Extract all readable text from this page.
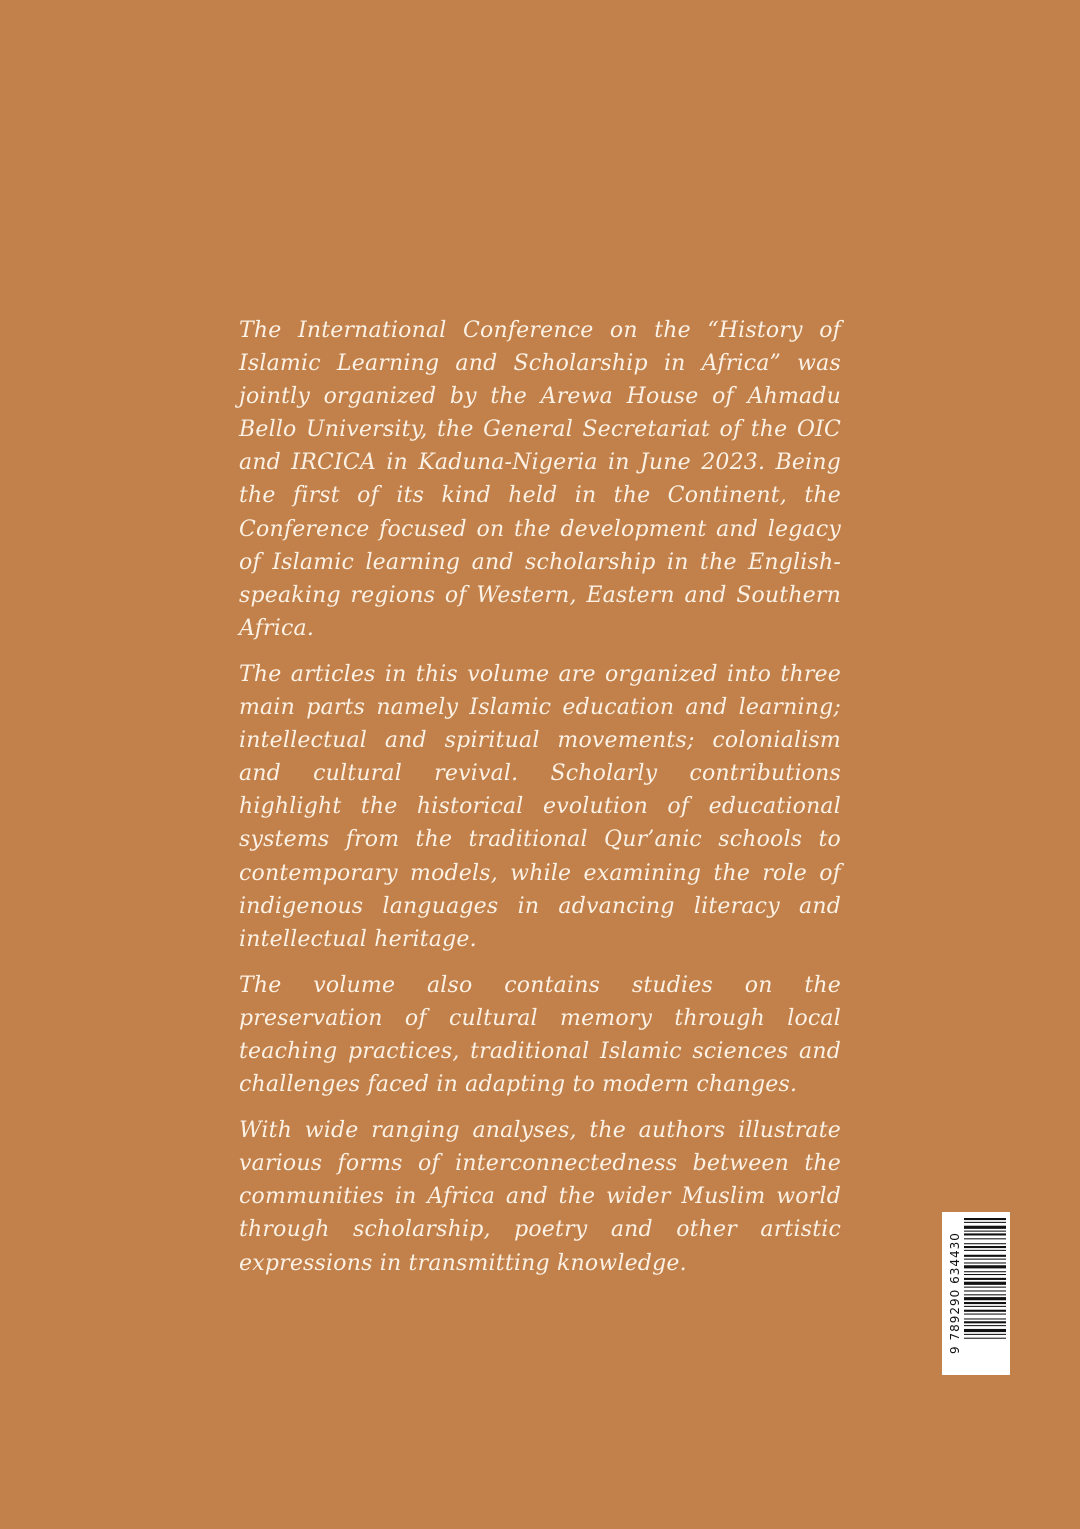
The International Conference on the “History of Islamic Learning and Scholarship in Africa” was jointly organized by the Arewa House of Ahmadu Bello University, the General Secretariat of the OIC and IRCICA in Kaduna-Nigeria in June 2023. Being the first of its kind held in the Continent, the Conference focused on the development and legacy of Islamic learning and scholarship in the English-speaking regions of Western, Eastern and Southern Africa.

The articles in this volume are organized into three main parts namely Islamic education and learning; intellectual and spiritual movements; colonialism and cultural revival. Scholarly contributions highlight the historical evolution of educational systems from the traditional Qur’anic schools to contemporary models, while examining the role of indigenous languages in advancing literacy and intellectual heritage.

The volume also contains studies on the preservation of cultural memory through local teaching practices, traditional Islamic sciences and challenges faced in adapting to modern changes.

With wide ranging analyses, the authors illustrate various forms of interconnectedness between the communities in Africa and the wider Muslim world through scholarship, poetry and other artistic expressions in transmitting knowledge.	9 789290 634430
